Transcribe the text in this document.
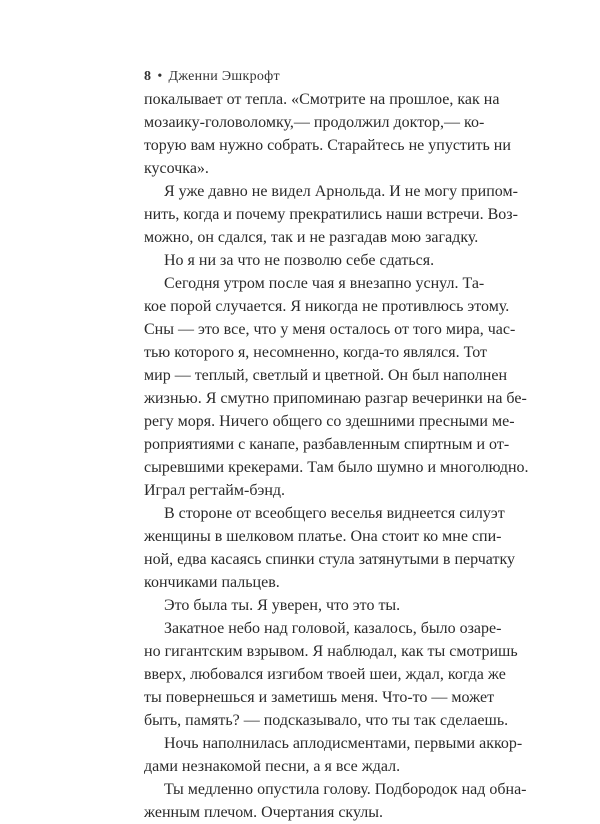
8 • Дженни Эшкрофт
покалывает от тепла. «Смотрите на прошлое, как на
мозаику-головоломку,— продолжил доктор,— ко-
торую вам нужно собрать. Старайтесь не упустить ни
кусочка».
Я уже давно не видел Арнольда. И не могу припом-
нить, когда и почему прекратились наши встречи. Воз-
можно, он сдался, так и не разгадав мою загадку.
Но я ни за что не позволю себе сдаться.
Сегодня утром после чая я внезапно уснул. Та-
кое порой случается. Я никогда не противлюсь этому.
Сны — это все, что у меня осталось от того мира, час-
тью которого я, несомненно, когда-то являлся. Тот
мир — теплый, светлый и цветной. Он был наполнен
жизнью. Я смутно припоминаю разгар вечеринки на бе-
регу моря. Ничего общего со здешними пресными ме-
роприятиями с канапе, разбавленным спиртным и от-
сыревшими крекерами. Там было шумно и многолюдно.
Играл регтайм-бэнд.
В стороне от всеобщего веселья виднеется силуэт
женщины в шелковом платье. Она стоит ко мне спи-
ной, едва касаясь спинки стула затянутыми в перчатку
кончиками пальцев.
Это была ты. Я уверен, что это ты.
Закатное небо над головой, казалось, было озаре-
но гигантским взрывом. Я наблюдал, как ты смотришь
вверх, любовался изгибом твоей шеи, ждал, когда же
ты повернешься и заметишь меня. Что-то — может
быть, память? — подсказывало, что ты так сделаешь.
Ночь наполнилась аплодисментами, первыми аккор-
дами незнакомой песни, а я все ждал.
Ты медленно опустила голову. Подбородок над обна-
женным плечом. Очертания скулы.
